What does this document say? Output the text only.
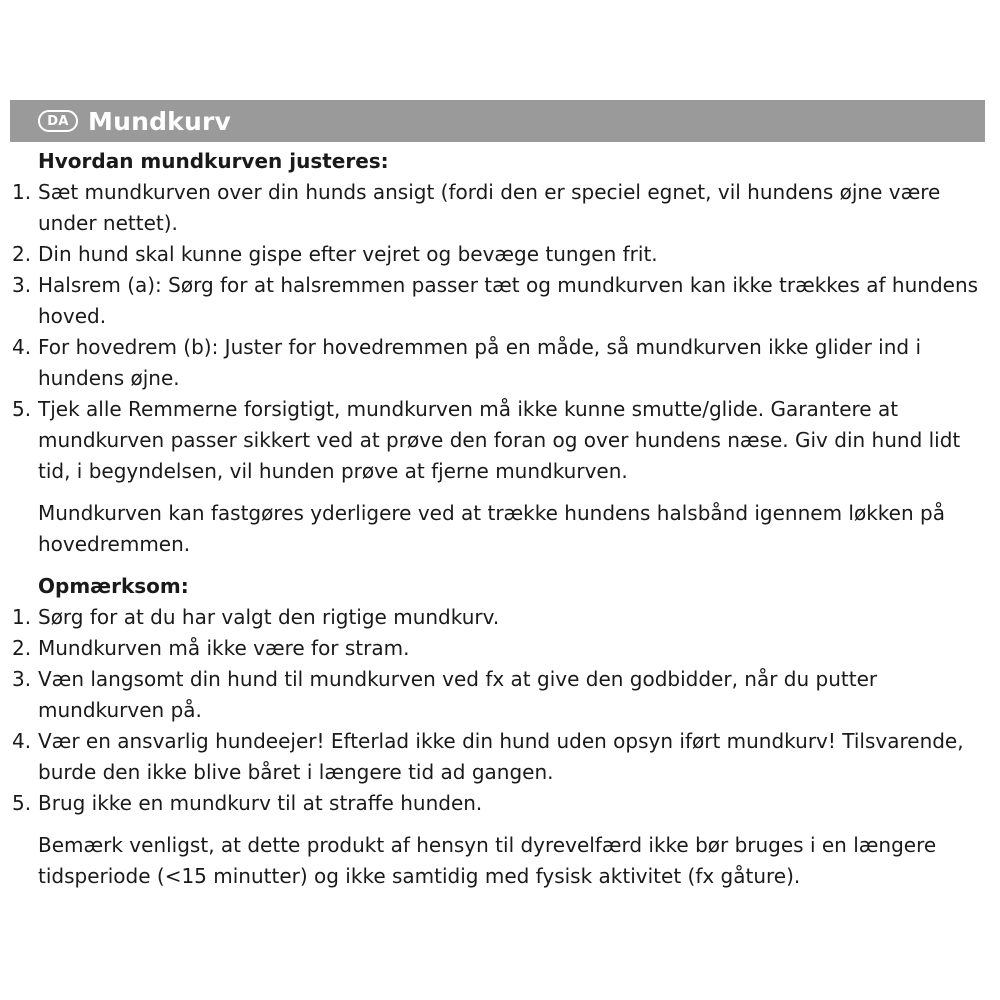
DA Mundkurv
Hvordan mundkurven justeres:
1. Sæt mundkurven over din hunds ansigt (fordi den er speciel egnet, vil hundens øjne være under nettet).
2. Din hund skal kunne gispe efter vejret og bevæge tungen frit.
3. Halsrem (a): Sørg for at halsremmen passer tæt og mundkurven kan ikke trækkes af hundens hoved.
4. For hovedrem (b): Juster for hovedremmen på en måde, så mundkurven ikke glider ind i hundens øjne.
5. Tjek alle Remmerne forsigtigt, mundkurven må ikke kunne smutte/glide. Garantere at mundkurven passer sikkert ved at prøve den foran og over hundens næse. Giv din hund lidt tid, i begyndelsen, vil hunden prøve at fjerne mundkurven.
Mundkurven kan fastgøres yderligere ved at trække hundens halsbånd igennem løkken på hovedremmen.
Opmærksom:
1. Sørg for at du har valgt den rigtige mundkurv.
2. Mundkurven må ikke være for stram.
3. Væn langsomt din hund til mundkurven ved fx at give den godbidder, når du putter mundkurven på.
4. Vær en ansvarlig hundeejer! Efterlad ikke din hund uden opsyn iført mundkurv! Tilsvarende, burde den ikke blive båret i længere tid ad gangen.
5. Brug ikke en mundkurv til at straffe hunden.
Bemærk venligst, at dette produkt af hensyn til dyrevelfærd ikke bør bruges i en længere tidsperiode (<15 minutter) og ikke samtidig med fysisk aktivitet (fx gåture).
